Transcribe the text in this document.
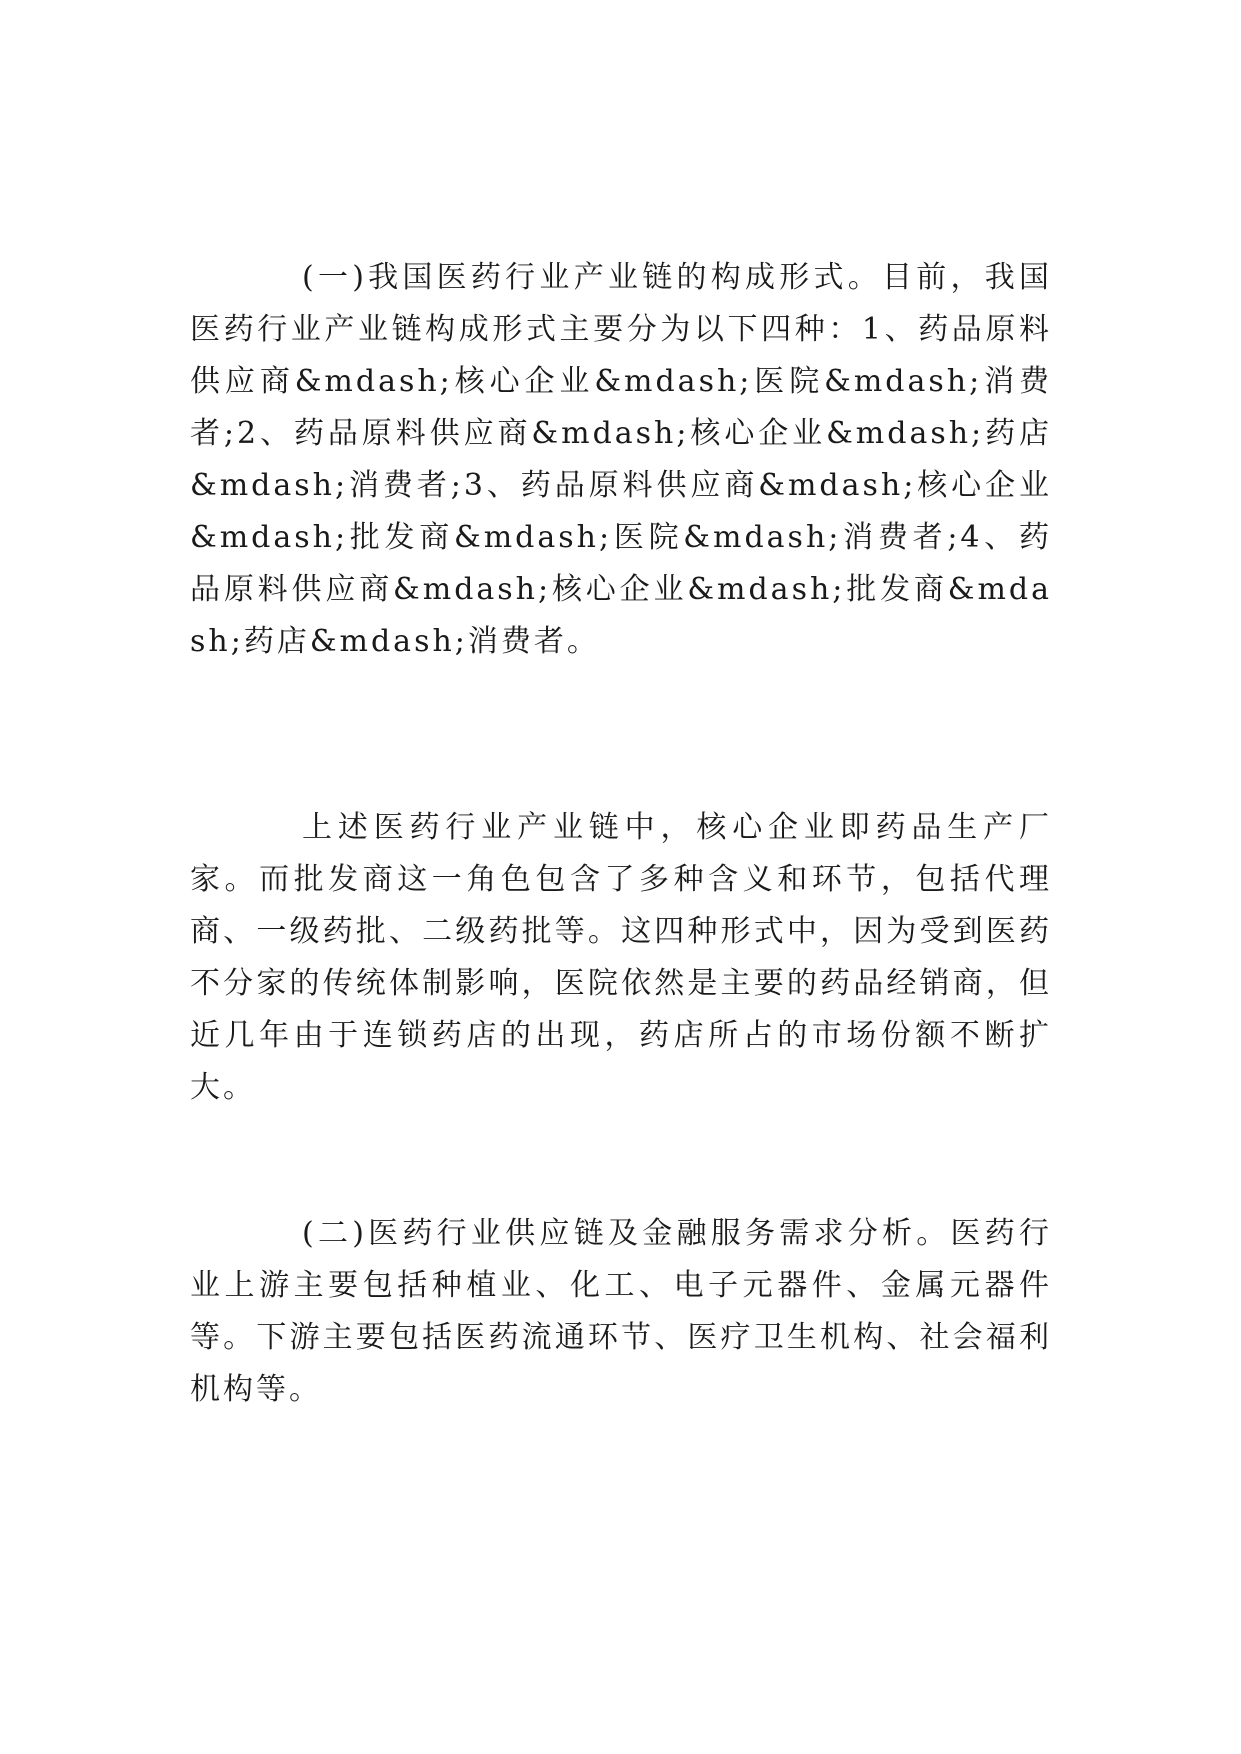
(一)我国医药行业产业链的构成形式。目前，我国医药行业产业链构成形式主要分为以下四种：1、药品原料供应商&mdash;核心企业&mdash;医院&mdash;消费者;2、药品原料供应商&mdash;核心企业&mdash;药店&mdash;消费者;3、药品原料供应商&mdash;核心企业&mdash;批发商&mdash;医院&mdash;消费者;4、药品原料供应商&mdash;核心企业&mdash;批发商&mdash;药店&mdash;消费者。

上述医药行业产业链中，核心企业即药品生产厂家。而批发商这一角色包含了多种含义和环节，包括代理商、一级药批、二级药批等。这四种形式中，因为受到医药不分家的传统体制影响，医院依然是主要的药品经销商，但近几年由于连锁药店的出现，药店所占的市场份额不断扩大。

(二)医药行业供应链及金融服务需求分析。医药行业上游主要包括种植业、化工、电子元器件、金属元器件等。下游主要包括医药流通环节、医疗卫生机构、社会福利机构等。
